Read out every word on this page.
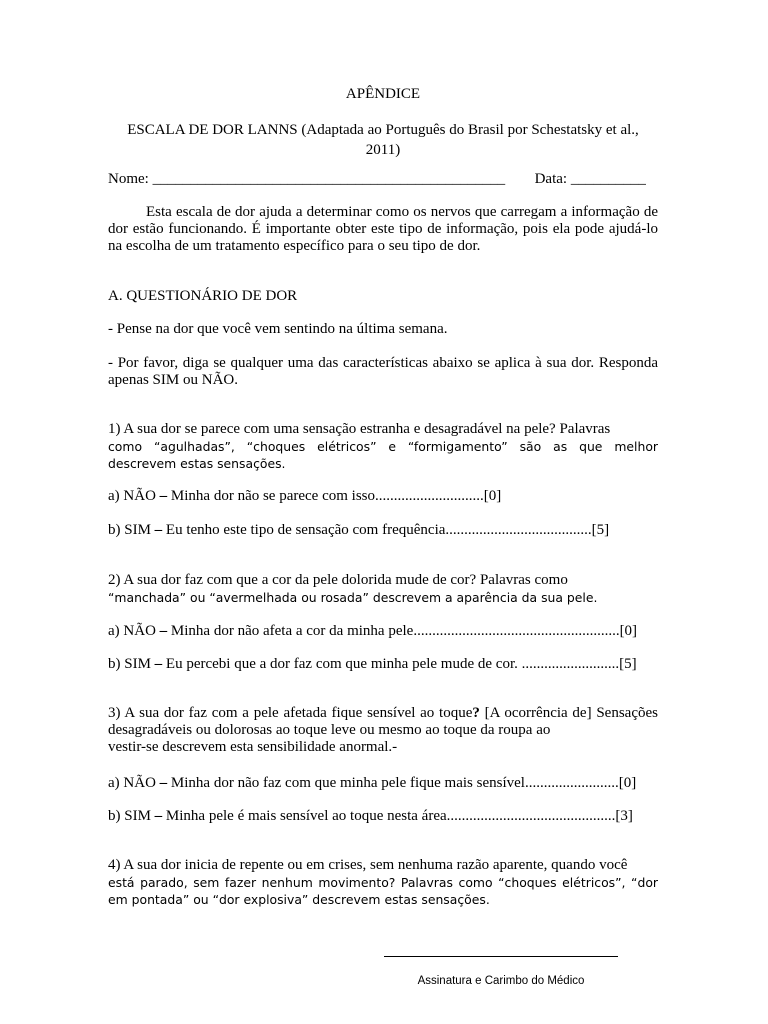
APÊNDICE
ESCALA DE DOR LANNS (Adaptada ao Português do Brasil por Schestatsky et al.,
2011)
Nome: _______________________________________________ Data: __________
Esta escala de dor ajuda a determinar como os nervos que carregam a informação de dor estão funcionando. É importante obter este tipo de informação, pois ela pode ajudá-lo na escolha de um tratamento específico para o seu tipo de dor.
A. QUESTIONÁRIO DE DOR
- Pense na dor que você vem sentindo na última semana.
- Por favor, diga se qualquer uma das características abaixo se aplica à sua dor. Responda apenas SIM ou NÃO.
1) A sua dor se parece com uma sensação estranha e desagradável na pele? Palavras
como “agulhadas”, “choques elétricos” e “formigamento” são as que melhor descrevem estas sensações.
a) NÃO – Minha dor não se parece com isso.............................[0]
b) SIM – Eu tenho este tipo de sensação com frequência.......................................[5]
2) A sua dor faz com que a cor da pele dolorida mude de cor? Palavras como
“manchada” ou “avermelhada ou rosada” descrevem a aparência da sua pele.
a) NÃO – Minha dor não afeta a cor da minha pele.......................................................[0]
b) SIM – Eu percebi que a dor faz com que minha pele mude de cor. ..........................[5]
3) A sua dor faz com a pele afetada fique sensível ao toque? [A ocorrência de] Sensações desagradáveis ou dolorosas ao toque leve ou mesmo ao toque da roupa ao
vestir-se descrevem esta sensibilidade anormal.-
a) NÃO – Minha dor não faz com que minha pele fique mais sensível.........................[0]
b) SIM – Minha pele é mais sensível ao toque nesta área.............................................[3]
4) A sua dor inicia de repente ou em crises, sem nenhuma razão aparente, quando você
está parado, sem fazer nenhum movimento? Palavras como “choques elétricos”, “dor em pontada” ou “dor explosiva” descrevem estas sensações.
Assinatura e Carimbo do Médico
